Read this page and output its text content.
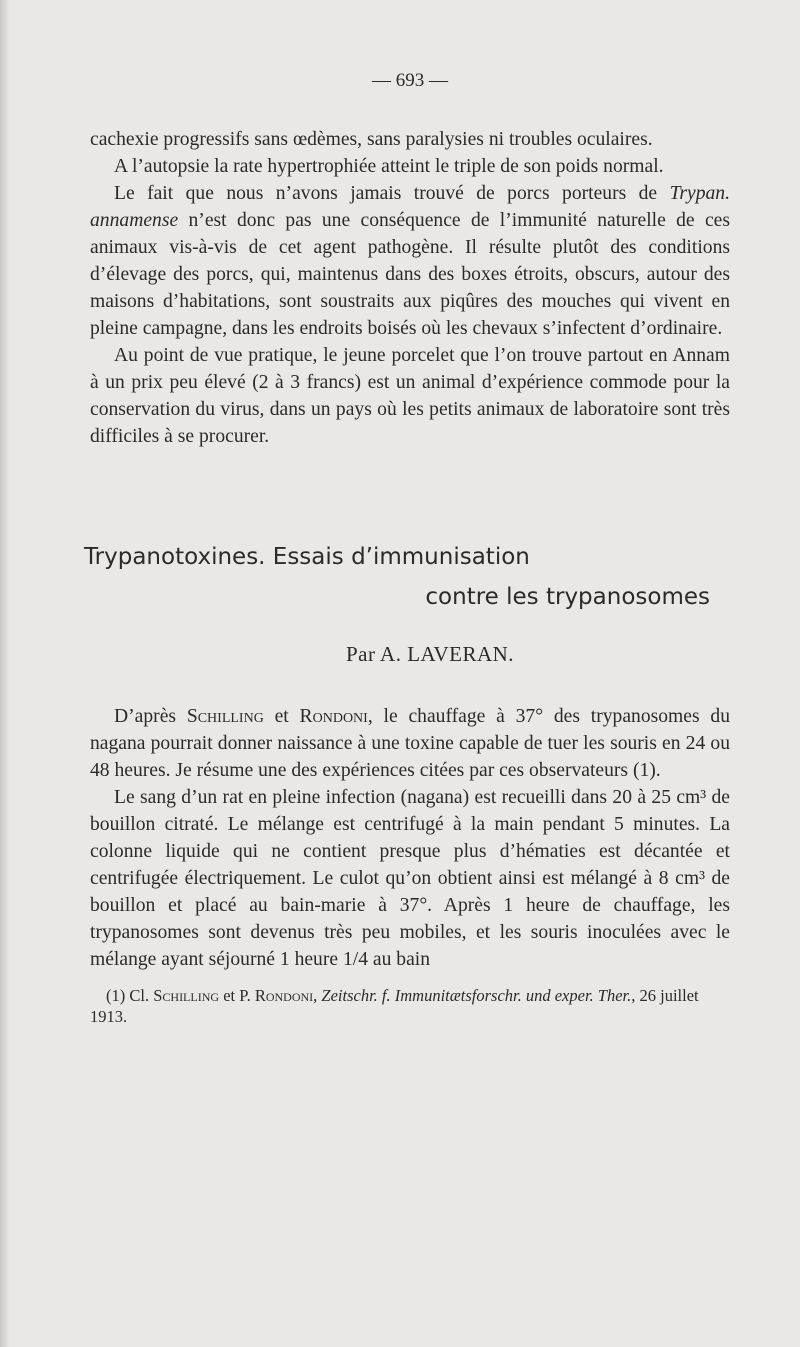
— 693 —

cachexie progressifs sans œdèmes, sans paralysies ni troubles oculaires.

A l’autopsie la rate hypertrophiée atteint le triple de son poids normal.

Le fait que nous n’avons jamais trouvé de porcs porteurs de Trypan. annamense n’est donc pas une conséquence de l’immunité naturelle de ces animaux vis-à-vis de cet agent pathogène. Il résulte plutôt des conditions d’élevage des porcs, qui, maintenus dans des boxes étroits, obscurs, autour des maisons d’habitations, sont soustraits aux piqûres des mouches qui vivent en pleine campagne, dans les endroits boisés où les chevaux s’infectent d’ordinaire.

Au point de vue pratique, le jeune porcelet que l’on trouve partout en Annam à un prix peu élevé (2 à 3 francs) est un animal d’expérience commode pour la conservation du virus, dans un pays où les petits animaux de laboratoire sont très difficiles à se procurer.

Trypanotoxines. Essais d’immunisation
contre les trypanosomes
Par A. LAVERAN.

D’après Schilling et Rondoni, le chauffage à 37° des trypanosomes du nagana pourrait donner naissance à une toxine capable de tuer les souris en 24 ou 48 heures. Je résume une des expériences citées par ces observateurs (1).

Le sang d’un rat en pleine infection (nagana) est recueilli dans 20 à 25 cm³ de bouillon citraté. Le mélange est centrifugé à la main pendant 5 minutes. La colonne liquide qui ne contient presque plus d’hématies est décantée et centrifugée électriquement. Le culot qu’on obtient ainsi est mélangé à 8 cm³ de bouillon et placé au bain-marie à 37°. Après 1 heure de chauffage, les trypanosomes sont devenus très peu mobiles, et les souris inoculées avec le mélange ayant séjourné 1 heure 1/4 au bain

(1) Cl. Schilling et P. Rondoni, Zeitschr. f. Immunitætsforschr. und exper. Ther., 26 juillet 1913.
